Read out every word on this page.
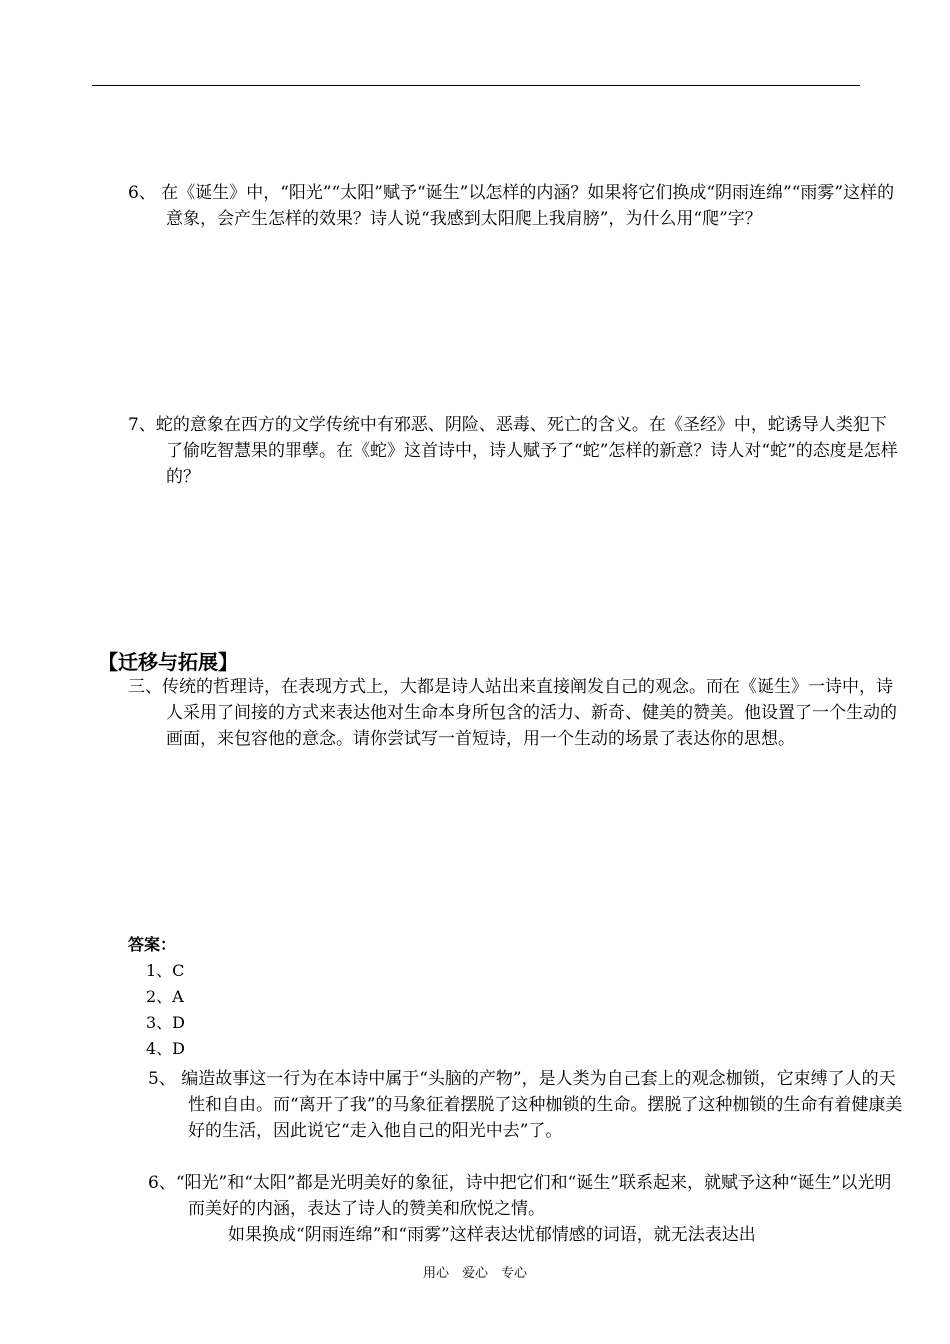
6、 在《诞生》中，“阳光”“太阳”赋予“诞生”以怎样的内涵？如果将它们换成“阴雨连绵”“雨雾”这样的意象，会产生怎样的效果？诗人说“我感到太阳爬上我肩膀”，为什么用“爬”字？

7、蛇的意象在西方的文学传统中有邪恶、阴险、恶毒、死亡的含义。在《圣经》中，蛇诱导人类犯下了偷吃智慧果的罪孽。在《蛇》这首诗中，诗人赋予了“蛇”怎样的新意？诗人对“蛇”的态度是怎样的？

【迁移与拓展】

三、传统的哲理诗，在表现方式上，大都是诗人站出来直接阐发自己的观念。而在《诞生》一诗中，诗人采用了间接的方式来表达他对生命本身所包含的活力、新奇、健美的赞美。他设置了一个生动的画面，来包容他的意念。请你尝试写一首短诗，用一个生动的场景了表达你的思想。

答案：

1、C

2、A

3、D

4、D

5、 编造故事这一行为在本诗中属于“头脑的产物”，是人类为自己套上的观念枷锁，它束缚了人的天性和自由。而“离开了我”的马象征着摆脱了这种枷锁的生命。摆脱了这种枷锁的生命有着健康美好的生活，因此说它“走入他自己的阳光中去”了。

6、“阳光”和“太阳”都是光明美好的象征，诗中把它们和“诞生”联系起来，就赋予这种“诞生”以光明而美好的内涵，表达了诗人的赞美和欣悦之情。

如果换成“阴雨连绵”和“雨雾”这样表达忧郁情感的词语，就无法表达出

用心　爱心　专心
